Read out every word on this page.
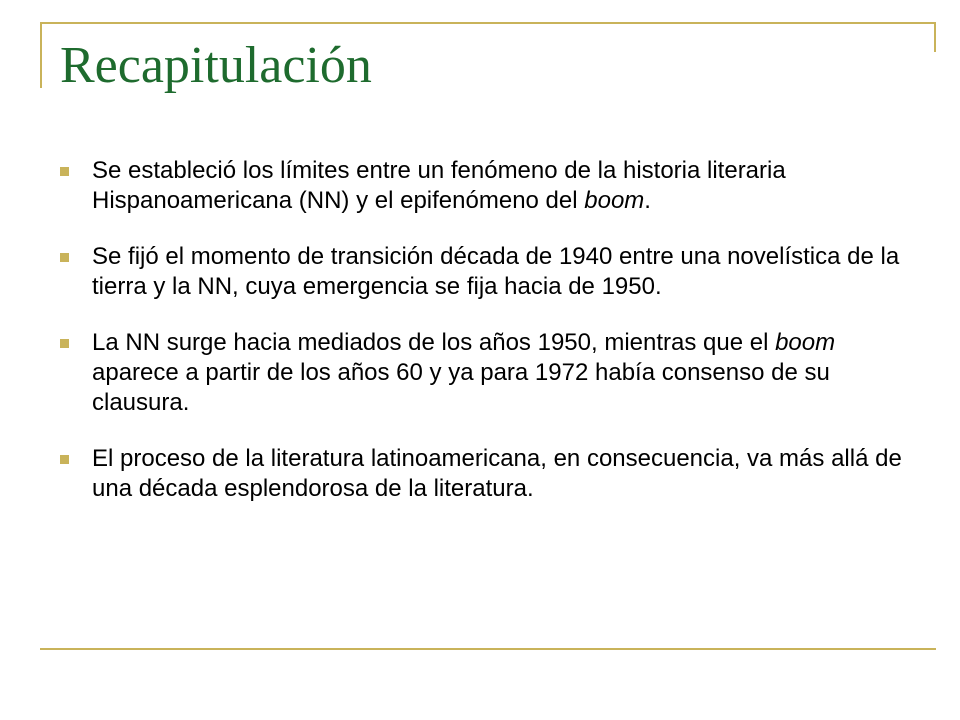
Recapitulación
Se estableció los límites entre un fenómeno de la historia literaria Hispanoamericana (NN) y el epifenómeno del boom.
Se fijó el momento de transición década de 1940 entre una novelística de la tierra y la NN, cuya emergencia se fija hacia de 1950.
La NN surge hacia mediados de los años 1950, mientras que el boom aparece a partir de los años 60 y ya para 1972 había consenso de su clausura.
El proceso de la literatura latinoamericana, en consecuencia, va más allá de una década esplendorosa de la literatura.
